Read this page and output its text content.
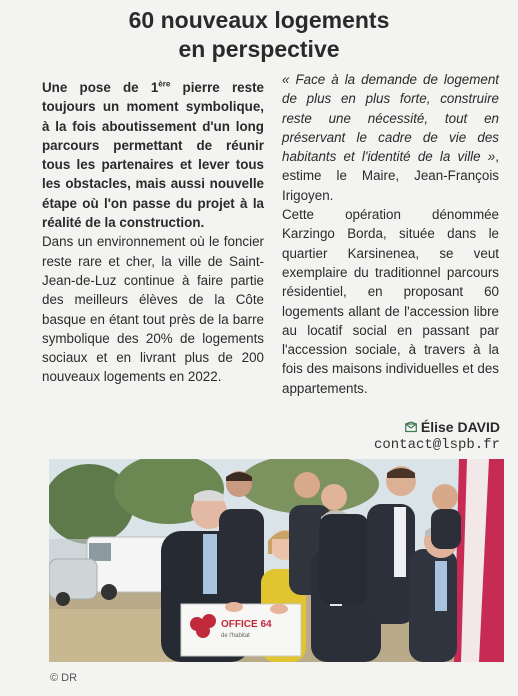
60 nouveaux logements
en perspective

Une pose de 1ère pierre reste toujours un moment symbolique, à la fois aboutissement d'un long parcours permettant de réunir tous les partenaires et lever tous les obstacles, mais aussi nouvelle étape où l'on passe du projet à la réalité de la construction.

Dans un environnement où le foncier reste rare et cher, la ville de Saint-Jean-de-Luz continue à faire partie des meilleurs élèves de la Côte basque en étant tout près de la barre symbolique des 20% de logements sociaux et en livrant plus de 200 nouveaux logements en 2022.

« Face à la demande de logement de plus en plus forte, construire reste une nécessité, tout en préservant le cadre de vie des habitants et l'identité de la ville », estime le Maire, Jean-François Irigoyen.

Cette opération dénommée Karzingo Borda, située dans le quartier Karsinenea, se veut exemplaire du traditionnel parcours résidentiel, en proposant 60 logements allant de l'accession libre au locatif social en passant par l'accession sociale, à travers à la fois des maisons individuelles et des appartements.

Élise DAVID
contact@lspb.fr
OFFICE 64
de l'habitat
© DR
